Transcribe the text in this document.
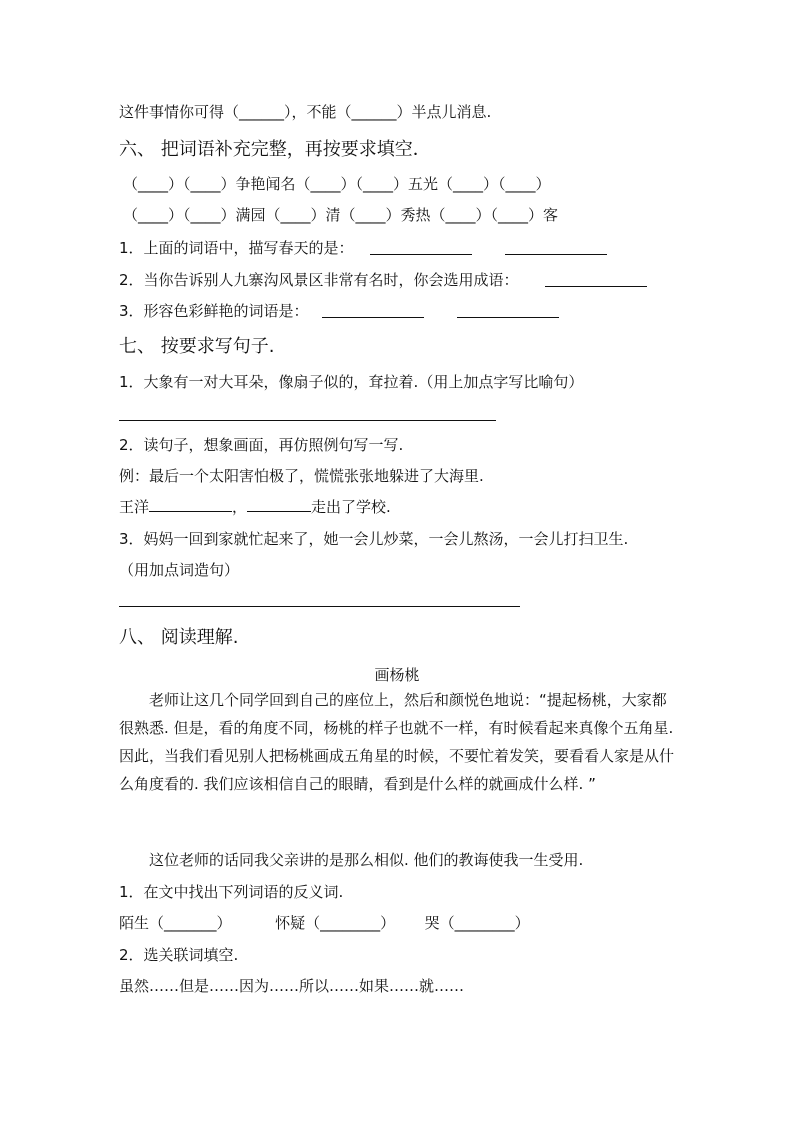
这件事情你可得（______），不能（______）半点儿消息.
六、 把词语补充完整，再按要求填空．
（____）（____）争艳闻名（____）（____）五光（____）（____）
（____）（____）满园（____）清（____）秀热（____）（____）客
1．上面的词语中，描写春天的是：
2．当你告诉别人九寨沟风景区非常有名时，你会选用成语：
3．形容色彩鲜艳的词语是：
七、 按要求写句子.
1．大象有一对大耳朵，像扇子似的，耷拉着.（用上加点字写比喻句）
2．读句子，想象画面，再仿照例句写一写.
例：最后一个太阳害怕极了，慌慌张张地躲进了大海里.
王洋	，	走出了学校.
3．妈妈一回到家就忙起来了，她一会儿炒菜，一会儿熬汤，一会儿打扫卫生.
（用加点词造句）
八、 阅读理解.
画杨桃
老师让这几个同学回到自己的座位上，然后和颜悦色地说：“提起杨桃，大家都很熟悉. 但是，看的角度不同，杨桃的样子也就不一样，有时候看起来真像个五角星. 因此，当我们看见别人把杨桃画成五角星的时候，不要忙着发笑，要看看人家是从什么角度看的. 我们应该相信自己的眼睛，看到是什么样的就画成什么样. ”
这位老师的话同我父亲讲的是那么相似. 他们的教诲使我一生受用.
1．在文中找出下列词语的反义词.
陌生（_______）	怀疑（________） 哭（________）
2．选关联词填空.
虽然……但是……因为……所以……如果……就……
